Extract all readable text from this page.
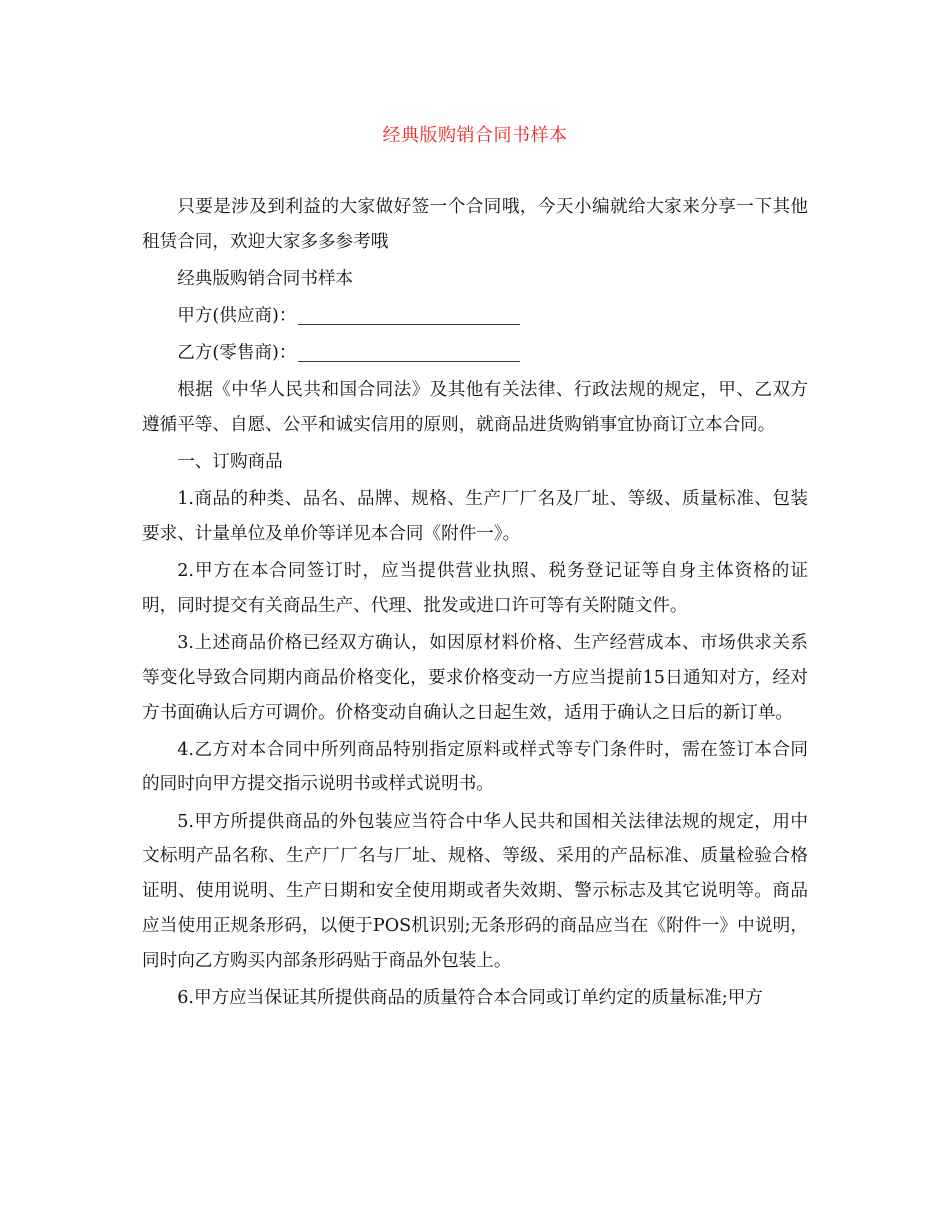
经典版购销合同书样本

只要是涉及到利益的大家做好签一个合同哦，今天小编就给大家来分享一下其他租赁合同，欢迎大家多多参考哦

经典版购销合同书样本

甲方(供应商)：

乙方(零售商)：

根据《中华人民共和国合同法》及其他有关法律、行政法规的规定，甲、乙双方遵循平等、自愿、公平和诚实信用的原则，就商品进货购销事宜协商订立本合同。

一、订购商品

1.商品的种类、品名、品牌、规格、生产厂厂名及厂址、等级、质量标准、包装要求、计量单位及单价等详见本合同《附件一》。

2.甲方在本合同签订时，应当提供营业执照、税务登记证等自身主体资格的证明，同时提交有关商品生产、代理、批发或进口许可等有关附随文件。

3.上述商品价格已经双方确认，如因原材料价格、生产经营成本、市场供求关系等变化导致合同期内商品价格变化，要求价格变动一方应当提前15日通知对方，经对方书面确认后方可调价。价格变动自确认之日起生效，适用于确认之日后的新订单。

4.乙方对本合同中所列商品特别指定原料或样式等专门条件时，需在签订本合同的同时向甲方提交指示说明书或样式说明书。

5.甲方所提供商品的外包装应当符合中华人民共和国相关法律法规的规定，用中文标明产品名称、生产厂厂名与厂址、规格、等级、采用的产品标准、质量检验合格证明、使用说明、生产日期和安全使用期或者失效期、警示标志及其它说明等。商品应当使用正规条形码，以便于POS机识别;无条形码的商品应当在《附件一》中说明，同时向乙方购买内部条形码贴于商品外包装上。

6.甲方应当保证其所提供商品的质量符合本合同或订单约定的质量标准;甲方
